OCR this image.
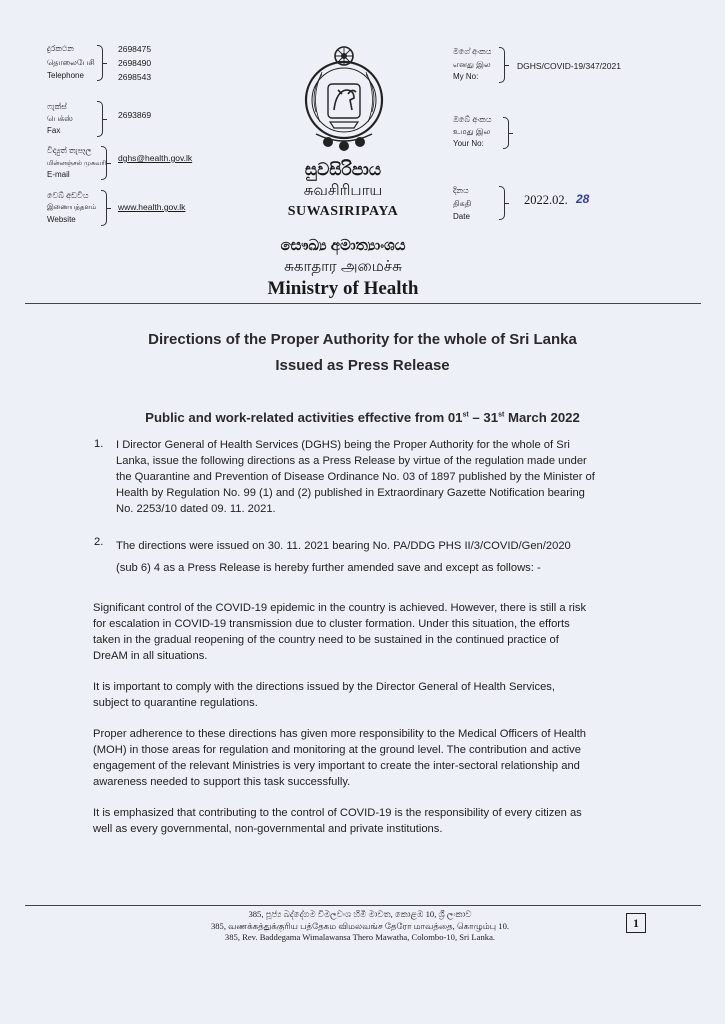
දුරකථන
தொலைபேசி
Telephone
2698475
2698490
2698543
ෆැක්ස්
பெக்ஸ்
Fax
2693869
විද්‍යුත් තැපෑල
மின்னஞ்சல் முகவரி
E-mail
dghs@health.gov.lk
වෙබ් අඩවිය
இணையத்தளம்
Website
www.health.gov.lk
සුවසිරිපාය
சுவசிரிபாய
SUWASIRIPAYA
සෞඛ්‍ය අමාත්‍යාංශය
சுகாதார அமைச்சு
Ministry of Health
මගේ අංකය
எனது இல
My No:
DGHS/COVID-19/347/2021
ඔබේ අංකය
உமது இல
Your No:
දිනය
திகதி
Date
2022.02. 28
Directions of the Proper Authority for the whole of Sri Lanka
Issued as Press Release
Public and work-related activities effective from 01st – 31st March 2022
1. I Director General of Health Services (DGHS) being the Proper Authority for the whole of Sri
Lanka, issue the following directions as a Press Release by virtue of the regulation made under
the Quarantine and Prevention of Disease Ordinance No. 03 of 1897 published by the Minister of
Health by Regulation No. 99 (1) and (2) published in Extraordinary Gazette Notification bearing
No. 2253/10 dated 09. 11. 2021.
2. The directions were issued on 30. 11. 2021 bearing No. PA/DDG PHS II/3/COVID/Gen/2020
(sub 6) 4 as a Press Release is hereby further amended save and except as follows: -
Significant control of the COVID-19 epidemic in the country is achieved. However, there is still a risk
for escalation in COVID-19 transmission due to cluster formation. Under this situation, the efforts
taken in the gradual reopening of the country need to be sustained in the continued practice of
DreAM in all situations.
It is important to comply with the directions issued by the Director General of Health Services,
subject to quarantine regulations.
Proper adherence to these directions has given more responsibility to the Medical Officers of Health
(MOH) in those areas for regulation and monitoring at the ground level. The contribution and active
engagement of the relevant Ministries is very important to create the inter-sectoral relationship and
awareness needed to support this task successfully.
It is emphasized that contributing to the control of COVID-19 is the responsibility of every citizen as
well as every governmental, non-governmental and private institutions.
385, පූජ්‍ය බද්දේගම විමලවංශ හිමි මාවත, කොළඹ 10, ශ්‍රී ලංකාව
385, வணக்கத்துக்குரிய பத்தேகம விமலவங்ச தேரோ மாவத்தை, கொழும்பு 10.
385, Rev. Baddegama Wimalawansa Thero Mawatha, Colombo-10, Sri Lanka.
1
